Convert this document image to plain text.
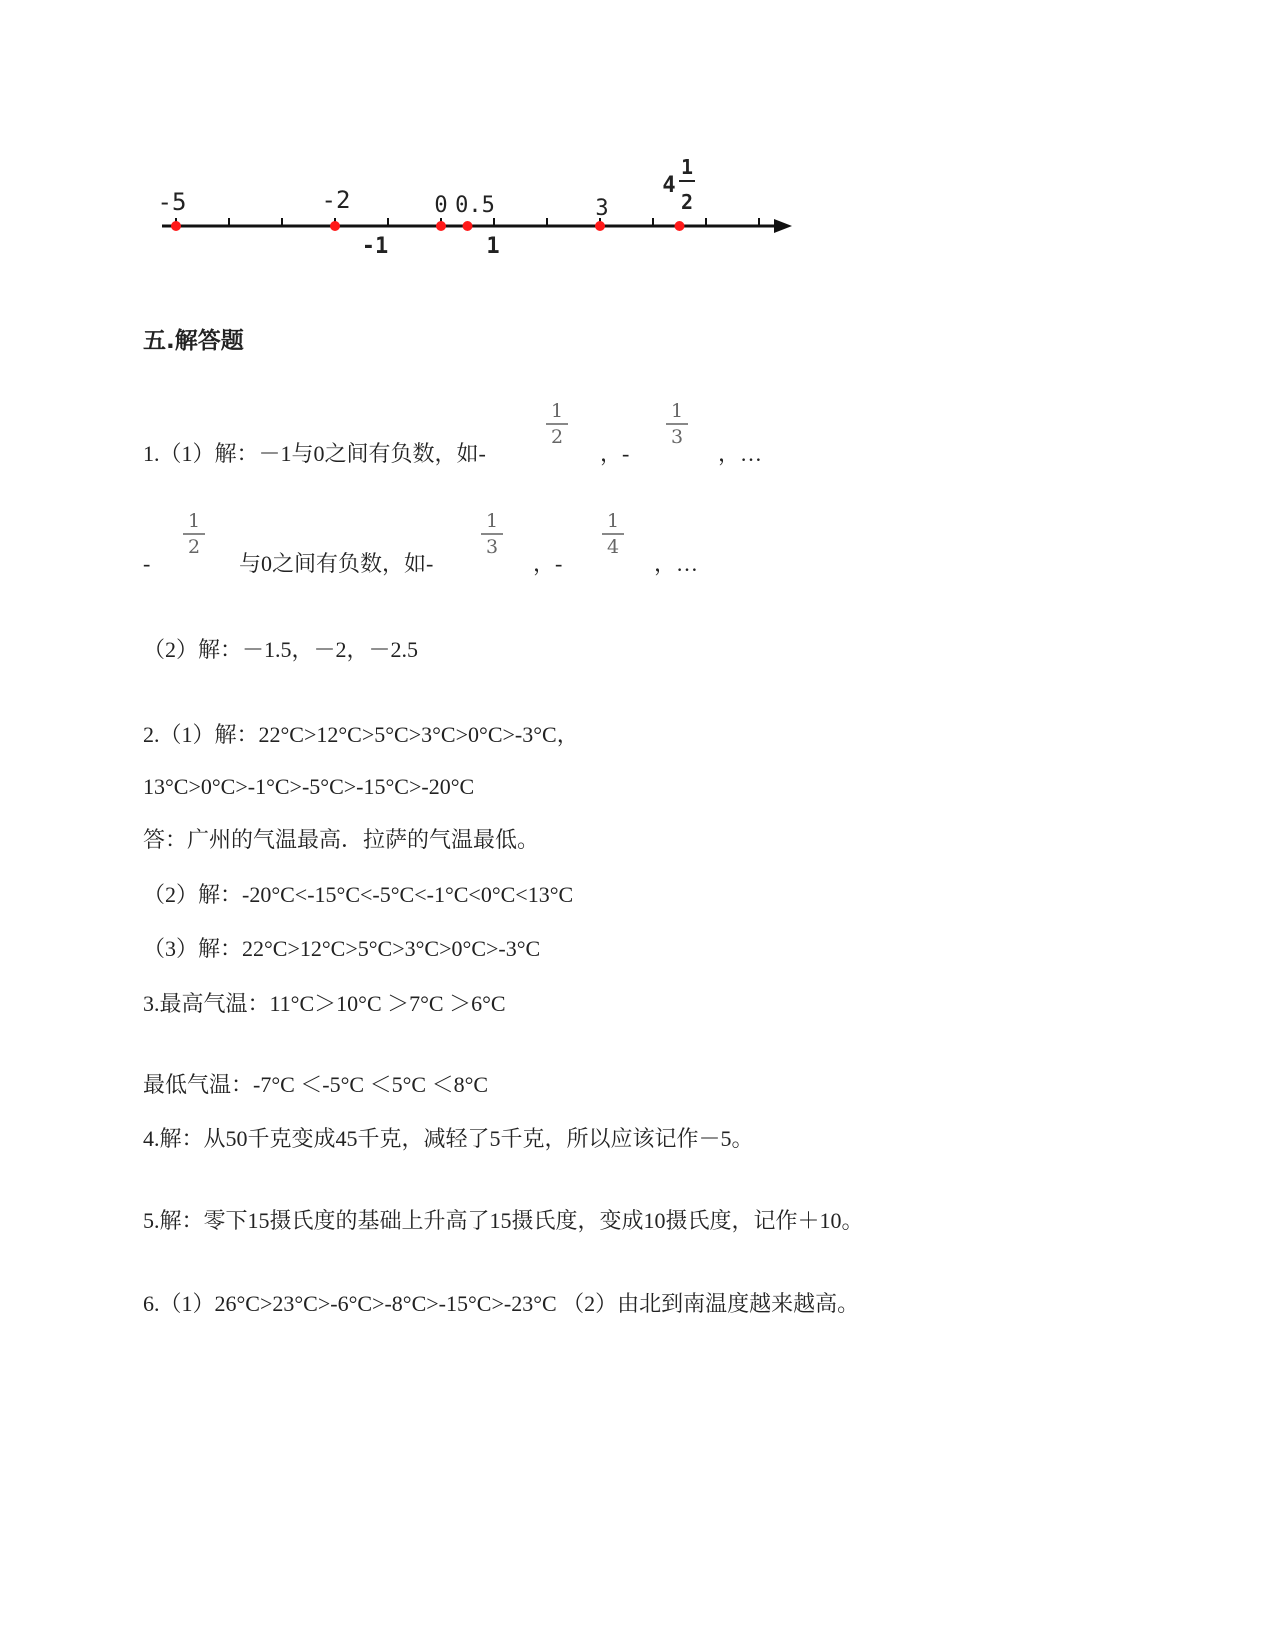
-5	-2	0 0.5	3
-1	1
4
1
2
五.解答题
1.（1）解：－1与0之间有负数，如-
1
2
，-
1
3
，…
-
1
2
与0之间有负数，如-
1
3
，-
1
4
，…
（2）解：－1.5，－2，－2.5
2.（1）解：22°C>12°C>5°C>3°C>0°C>-3°C，
13°C>0°C>-1°C>-5°C>-15°C>-20°C
答：广州的气温最高．拉萨的气温最低。
（2）解：-20°C<-15°C<-5°C<-1°C<0°C<13°C
（3）解：22°C>12°C>5°C>3°C>0°C>-3°C
3.最高气温：11°C＞10°C ＞7°C ＞6°C
最低气温：-7°C ＜-5°C ＜5°C ＜8°C
4.解：从50千克变成45千克，减轻了5千克，所以应该记作－5。
5.解：零下15摄氏度的基础上升高了15摄氏度，变成10摄氏度，记作＋10。
6.（1）26°C>23°C>-6°C>-8°C>-15°C>-23°C （2）由北到南温度越来越高。
